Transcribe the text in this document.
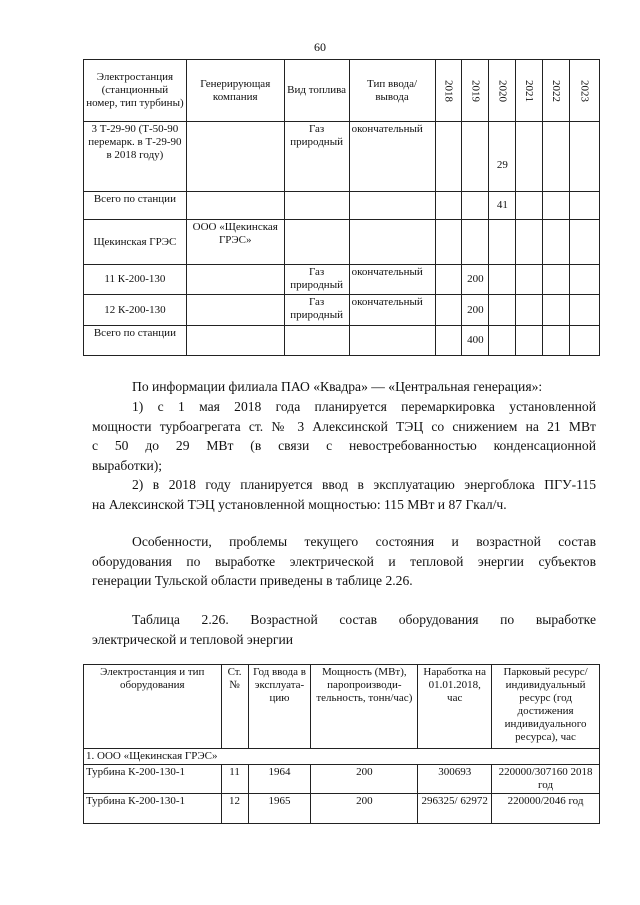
60
Электростанция (станционный номер, тип турбины)	Генерирующая компания	Вид топлива	Тип ввода/вывода	2018	2019	2020	2021	2022	2023

3 Т-29-90 (Т-50-90 перемарк. в Т-29-90 в 2018 году)		Газ природный	окончательный			29			
Всего по станции						41			
Щекинская ГРЭС	ООО «Щекинская ГРЭС»								
11 К-200-130		Газ природный	окончательный		200				
12 К-200-130		Газ природный	окончательный		200				
Всего по станции					400				
По информации филиала ПАО «Квадра» — «Центральная генерация»:
1) с 1 мая 2018 года планируется перемаркировка установленной
мощности турбоагрегата ст. № 3 Алексинской ТЭЦ со снижением на 21 МВт
с 50 до 29 МВт (в связи с невостребованностью конденсационной
выработки);
2) в 2018 году планируется ввод в эксплуатацию энергоблока ПГУ-115
на Алексинской ТЭЦ установленной мощностью: 115 МВт и 87 Гкал/ч.
Особенности, проблемы текущего состояния и возрастной состав
оборудования по выработке электрической и тепловой энергии субъектов
генерации Тульской области приведены в таблице 2.26.
Таблица 2.26. Возрастной состав оборудования по выработке
электрической и тепловой энергии
Электростанция и тип оборудования	Ст. №	Год ввода в эксплуата- цию	Мощность (МВт), паропроизводи- тельность, тонн/час)	Наработка на 01.01.2018, час	Парковый ресурс/ индивидуальный ресурс (год достижения индивидуального ресурса), час
1. ООО «Щекинская ГРЭС»					
Турбина К-200-130-1	11	1964	200	300693	220000/307160 2018 год
Турбина К-200-130-1	12	1965	200	296325/ 62972	220000/2046 год
